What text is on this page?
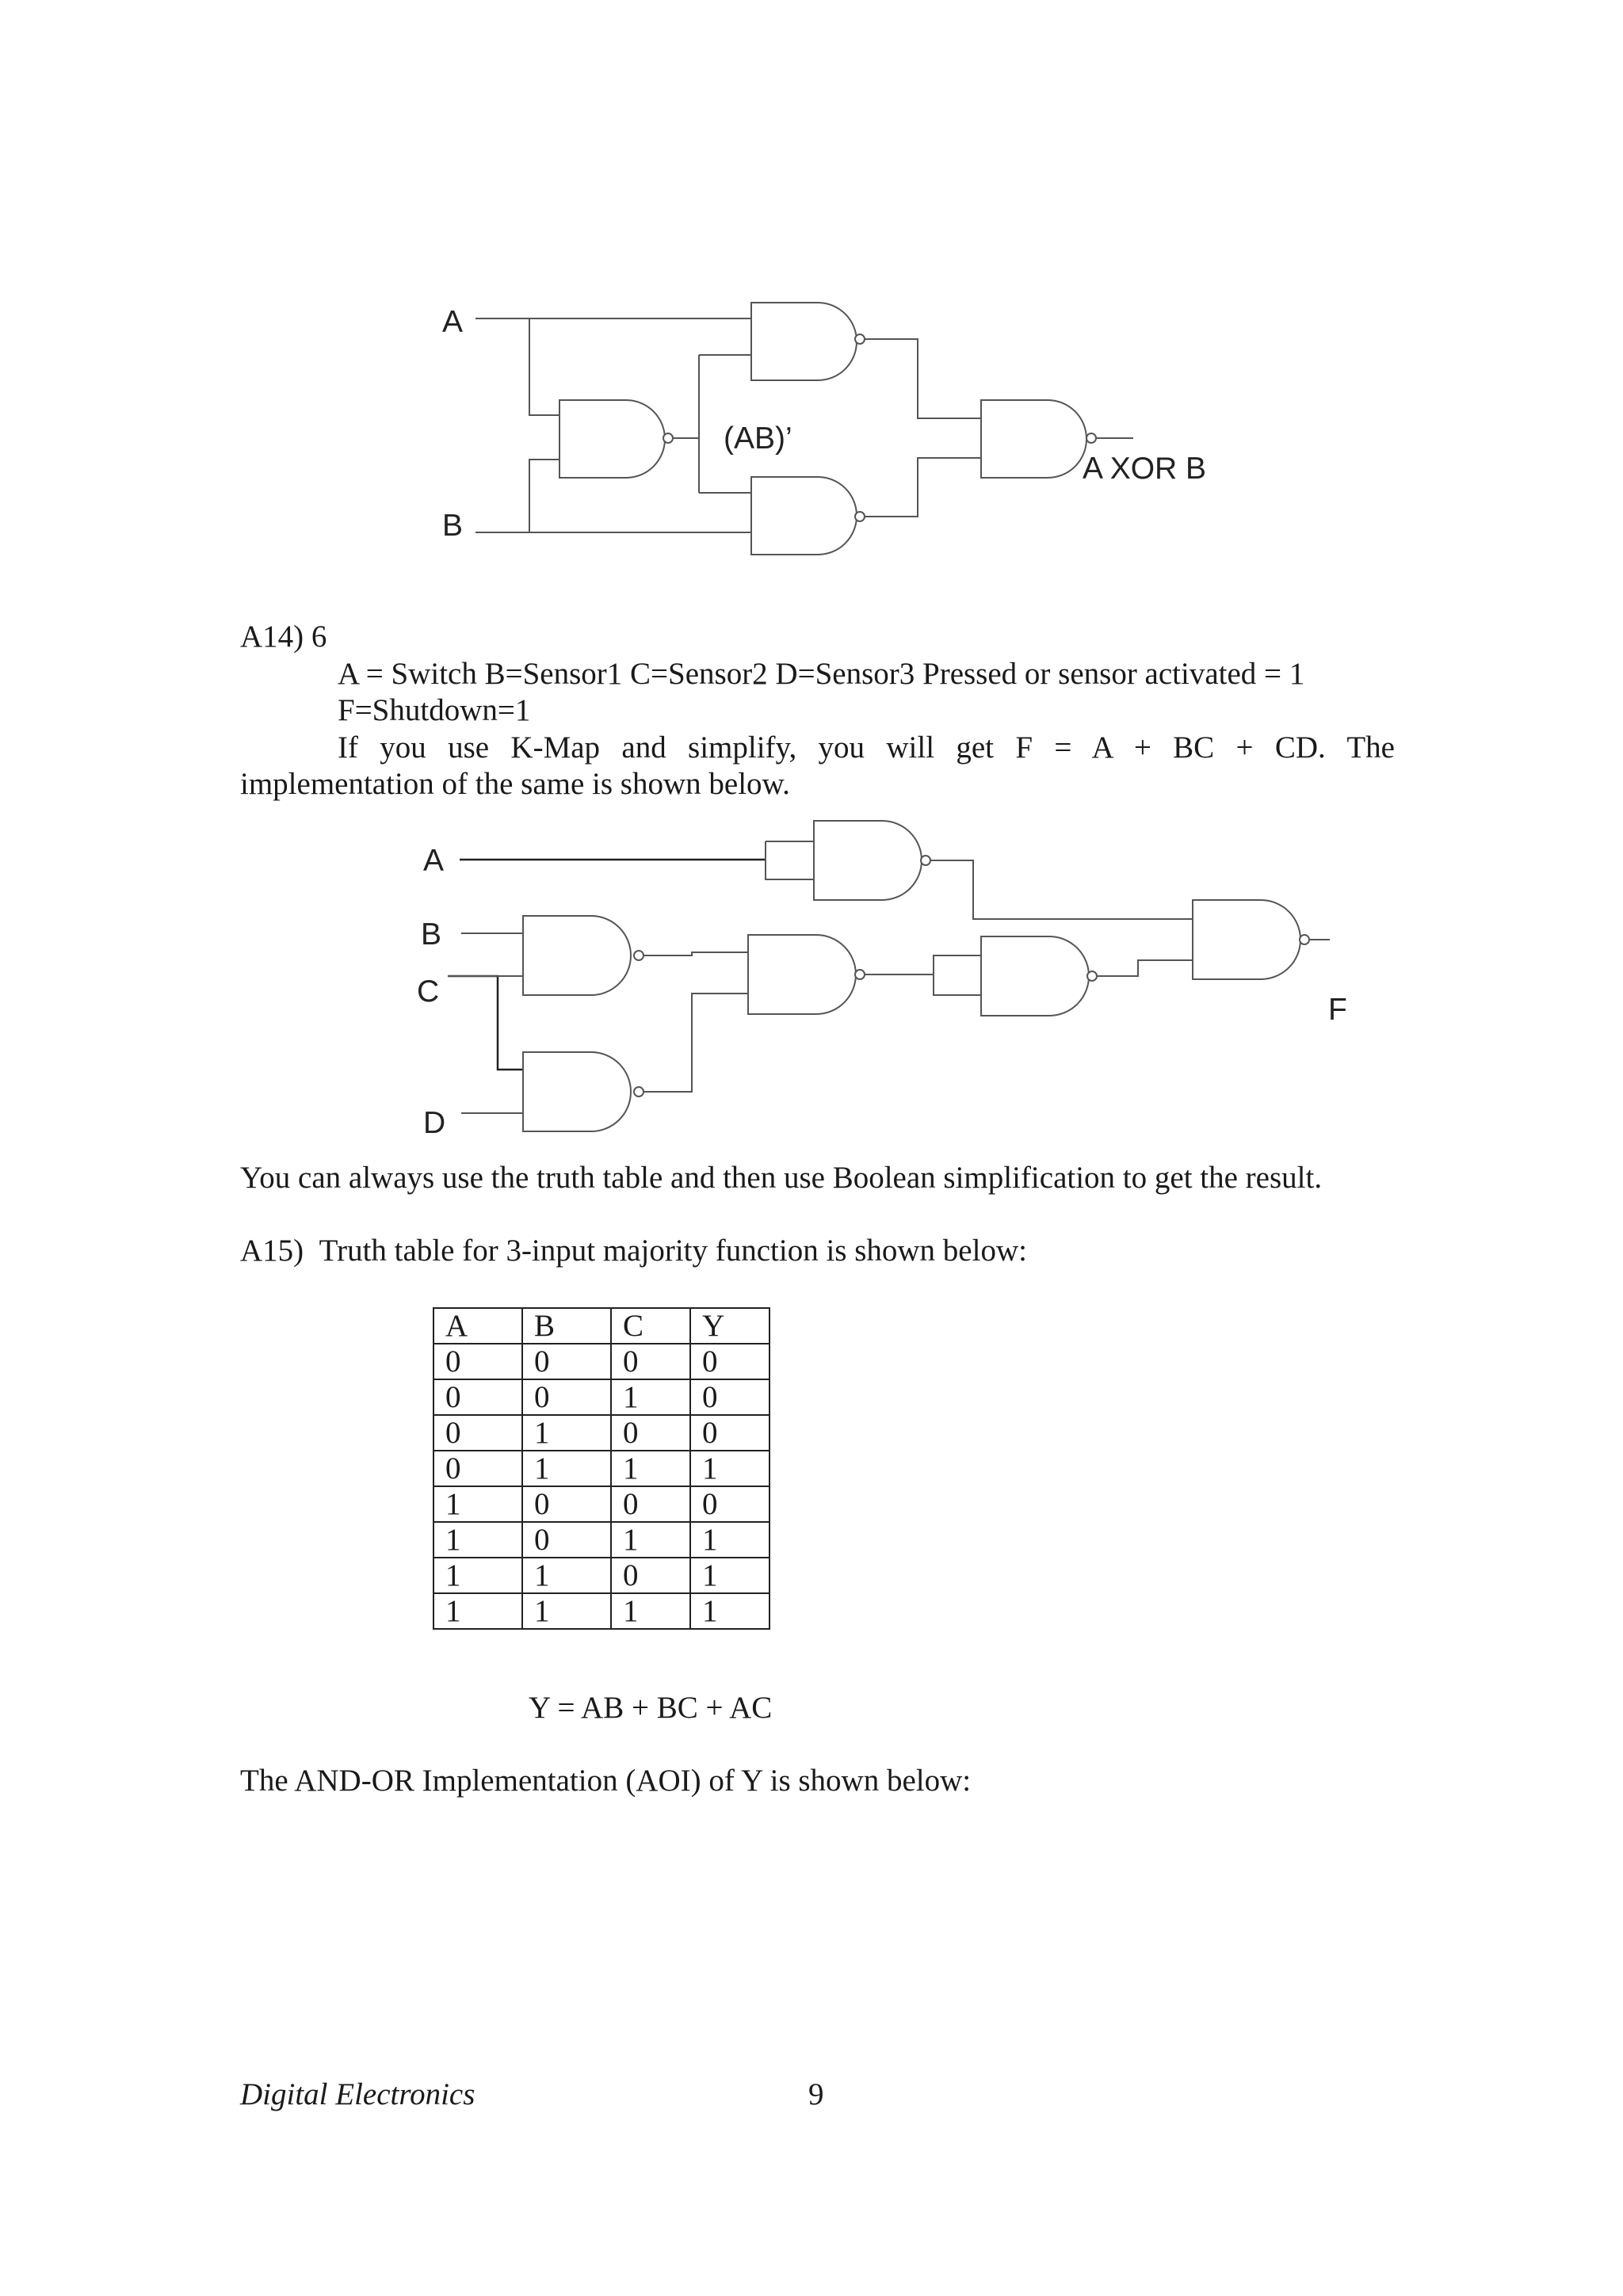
A
B
(AB)’
A XOR B
A14) 6
A = Switch B=Sensor1 C=Sensor2 D=Sensor3 Pressed or sensor activated = 1
F=Shutdown=1
If you use K-Map and simplify, you will get F = A + BC + CD. The
implementation of the same is shown below.
A
B
C
D
F
You can always use the truth table and then use Boolean simplification to get the result.
A15)  Truth table for 3-input majority function is shown below:
A	B	C	Y
0	0	0	0
0	0	1	0
0	1	0	0
0	1	1	1
1	0	0	0
1	0	1	1
1	1	0	1
1	1	1	1
Y = AB + BC + AC
The AND-OR Implementation (AOI) of Y is shown below:
Digital Electronics	9
